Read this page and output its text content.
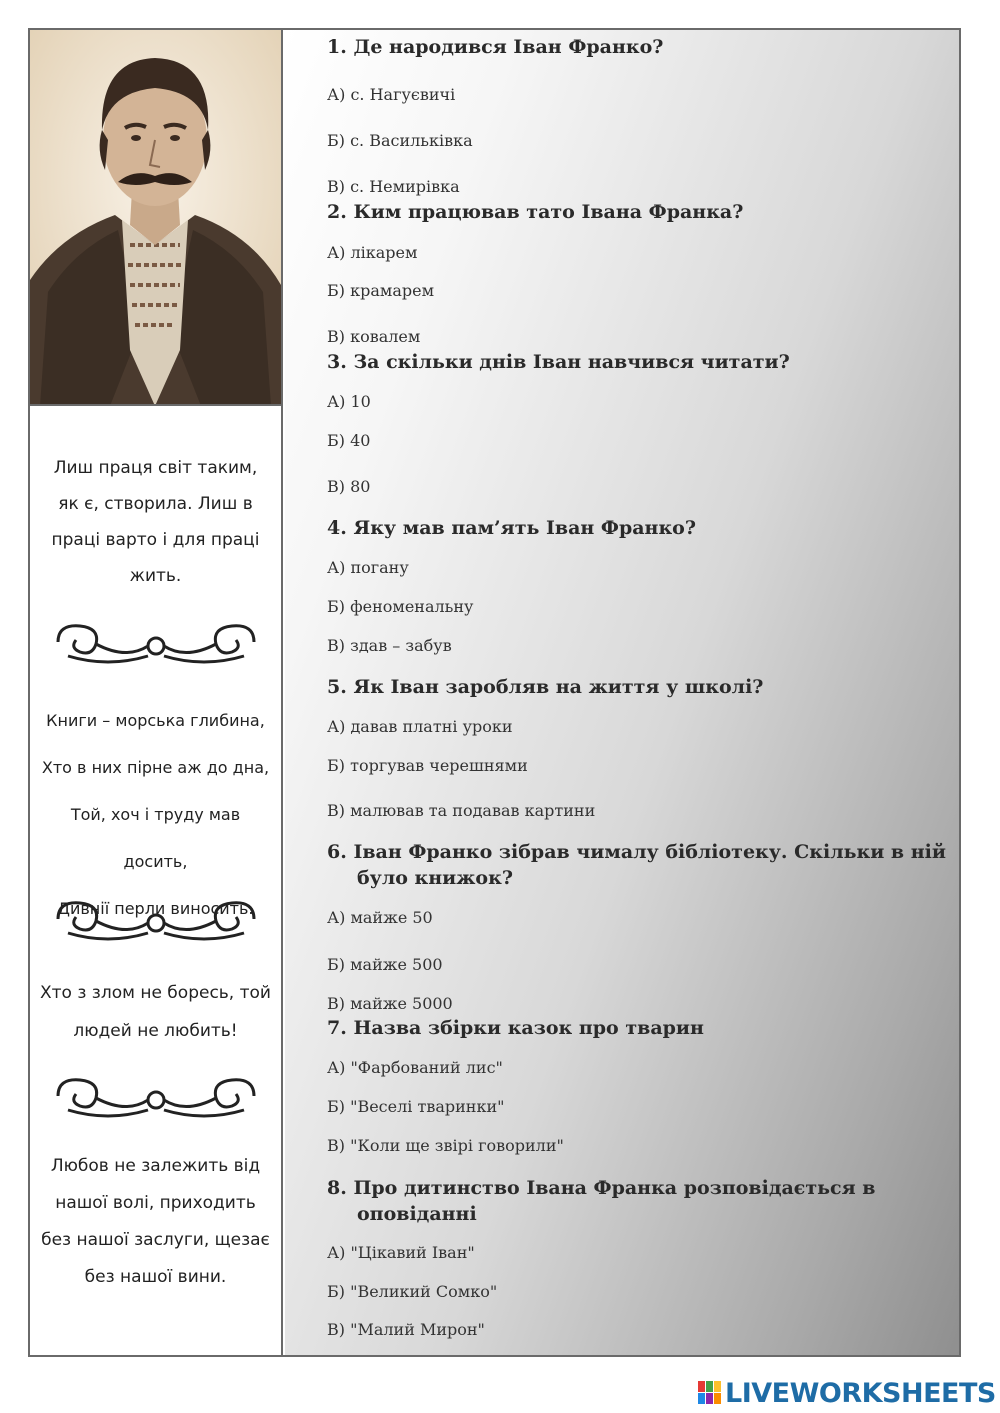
Лиш праця світ таким,
як є, створила. Лиш в
праці варто і для праці
жить.
Книги – морська глибина,
Хто в них пірне аж до дна,
Той, хоч і труду мав досить,
Дивнії перли виносить.
Хто з злом не боресь, той
людей не любить!
Любов не залежить від
нашої волі, приходить
без нашої заслуги, щезає
без нашої вини.
1. Де народився Іван Франко?
А) с. Нагуєвичі
Б) с. Васильківка
В) с. Немирівка
2. Ким працював тато Івана Франка?
А) лікарем
Б) крамарем
В) ковалем
3. За скільки днів Іван навчився читати?
А) 10
Б) 40
В) 80
4. Яку мав пам’ять Іван Франко?
А) погану
Б) феноменальну
В) здав – забув
5. Як Іван заробляв на життя у школі?
А) давав платні уроки
Б) торгував черешнями
В) малював та подавав картини
6. Іван Франко зібрав чималу бібліотеку. Скільки в ній було книжок?
А) майже 50
Б) майже 500
В) майже 5000
7. Назва збірки казок про тварин
А) "Фарбований лис"
Б) "Веселі тваринки"
В) "Коли ще звірі говорили"
8. Про дитинство Івана Франка розповідається в оповіданні
А) "Цікавий Іван"
Б) "Великий Сомко"
В) "Малий Мирон"
LIVEWORKSHEETS
